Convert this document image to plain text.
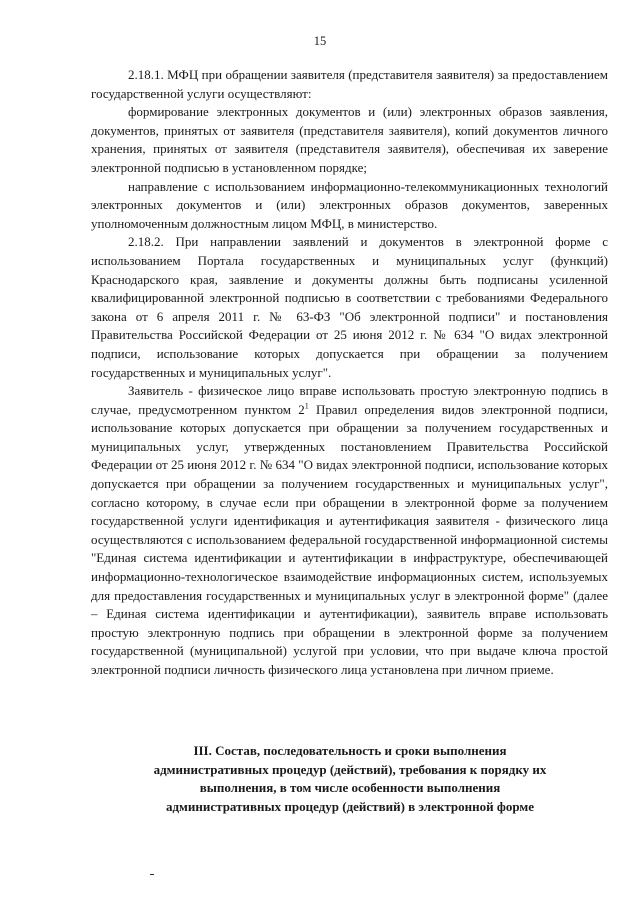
15

2.18.1. МФЦ при обращении заявителя (представителя заявителя) за предоставлением государственной услуги осуществляют:

формирование электронных документов и (или) электронных образов заявления, документов, принятых от заявителя (представителя заявителя), копий документов личного хранения, принятых от заявителя (представителя заявителя), обеспечивая их заверение электронной подписью в установленном порядке;

направление с использованием информационно-телекоммуникационных технологий электронных документов и (или) электронных образов документов, заверенных уполномоченным должностным лицом МФЦ, в министерство.

2.18.2. При направлении заявлений и документов в электронной форме с использованием Портала государственных и муниципальных услуг (функций) Краснодарского края, заявление и документы должны быть подписаны усиленной квалифицированной электронной подписью в соответствии с требованиями Федерального закона от 6 апреля 2011 г. № 63-ФЗ "Об электронной подписи" и постановления Правительства Российской Федерации от 25 июня 2012 г. № 634 "О видах электронной подписи, использование которых допускается при обращении за получением государственных и муниципальных услуг".

Заявитель - физическое лицо вправе использовать простую электронную подпись в случае, предусмотренном пунктом $2^1$ Правил определения видов электронной подписи, использование которых допускается при обращении за получением государственных и муниципальных услуг, утвержденных постановлением Правительства Российской Федерации от 25 июня 2012 г. № 634 "О видах электронной подписи, использование которых допускается при обращении за получением государственных и муниципальных услуг", согласно которому, в случае если при обращении в электронной форме за получением государственной услуги идентификация и аутентификация заявителя - физического лица осуществляются с использованием федеральной государственной информационной системы "Единая система идентификации и аутентификации в инфраструктуре, обеспечивающей информационно-технологическое взаимодействие информационных систем, используемых для предоставления государственных и муниципальных услуг в электронной форме" (далее – Единая система идентификации и аутентификации), заявитель вправе использовать простую электронную подпись при обращении в электронной форме за получением государственной (муниципальной) услугой при условии, что при выдаче ключа простой электронной подписи личность физического лица установлена при личном приеме.

III. Состав, последовательность и сроки выполнения
административных процедур (действий), требования к порядку их
выполнения, в том числе особенности выполнения
административных процедур (действий) в электронной форме
